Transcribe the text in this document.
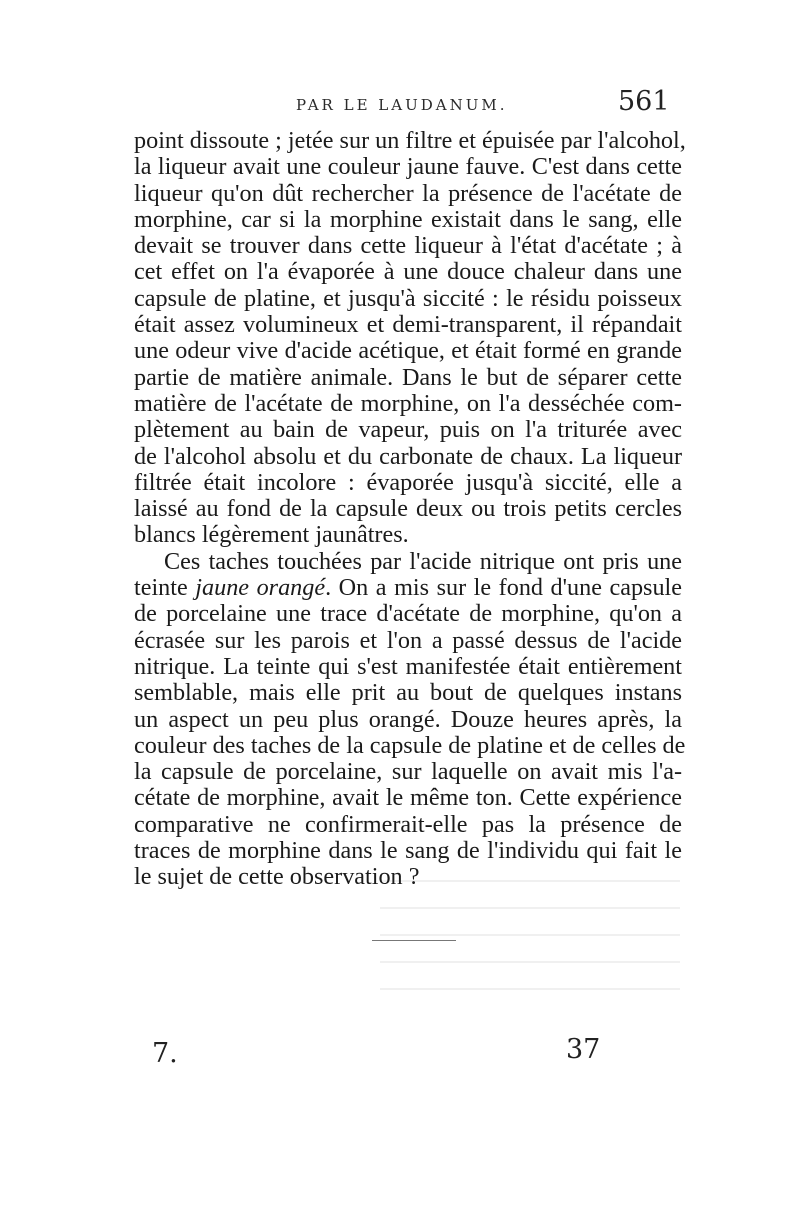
PAR LE LAUDANUM.	561
point dissoute ; jetée sur un filtre et épuisée par l'alcohol,
la liqueur avait une couleur jaune fauve. C'est dans cette
liqueur qu'on dût rechercher la présence de l'acétate de
morphine, car si la morphine existait dans le sang, elle
devait se trouver dans cette liqueur à l'état d'acétate ; à
cet effet on l'a évaporée à une douce chaleur dans une
capsule de platine, et jusqu'à siccité : le résidu poisseux
était assez volumineux et demi-transparent, il répandait
une odeur vive d'acide acétique, et était formé en grande
partie de matière animale. Dans le but de séparer cette
matière de l'acétate de morphine, on l'a desséchée com-
plètement au bain de vapeur, puis on l'a triturée avec
de l'alcohol absolu et du carbonate de chaux. La liqueur
filtrée était incolore : évaporée jusqu'à siccité, elle a
laissé au fond de la capsule deux ou trois petits cercles
blancs légèrement jaunâtres.
Ces taches touchées par l'acide nitrique ont pris une
teinte jaune orangé. On a mis sur le fond d'une capsule
de porcelaine une trace d'acétate de morphine, qu'on a
écrasée sur les parois et l'on a passé dessus de l'acide
nitrique. La teinte qui s'est manifestée était entièrement
semblable, mais elle prit au bout de quelques instans
un aspect un peu plus orangé. Douze heures après, la
couleur des taches de la capsule de platine et de celles de
la capsule de porcelaine, sur laquelle on avait mis l'a-
cétate de morphine, avait le même ton. Cette expérience
comparative ne confirmerait-elle pas la présence de
traces de morphine dans le sang de l'individu qui fait le
le sujet de cette observation ?
7.	37
